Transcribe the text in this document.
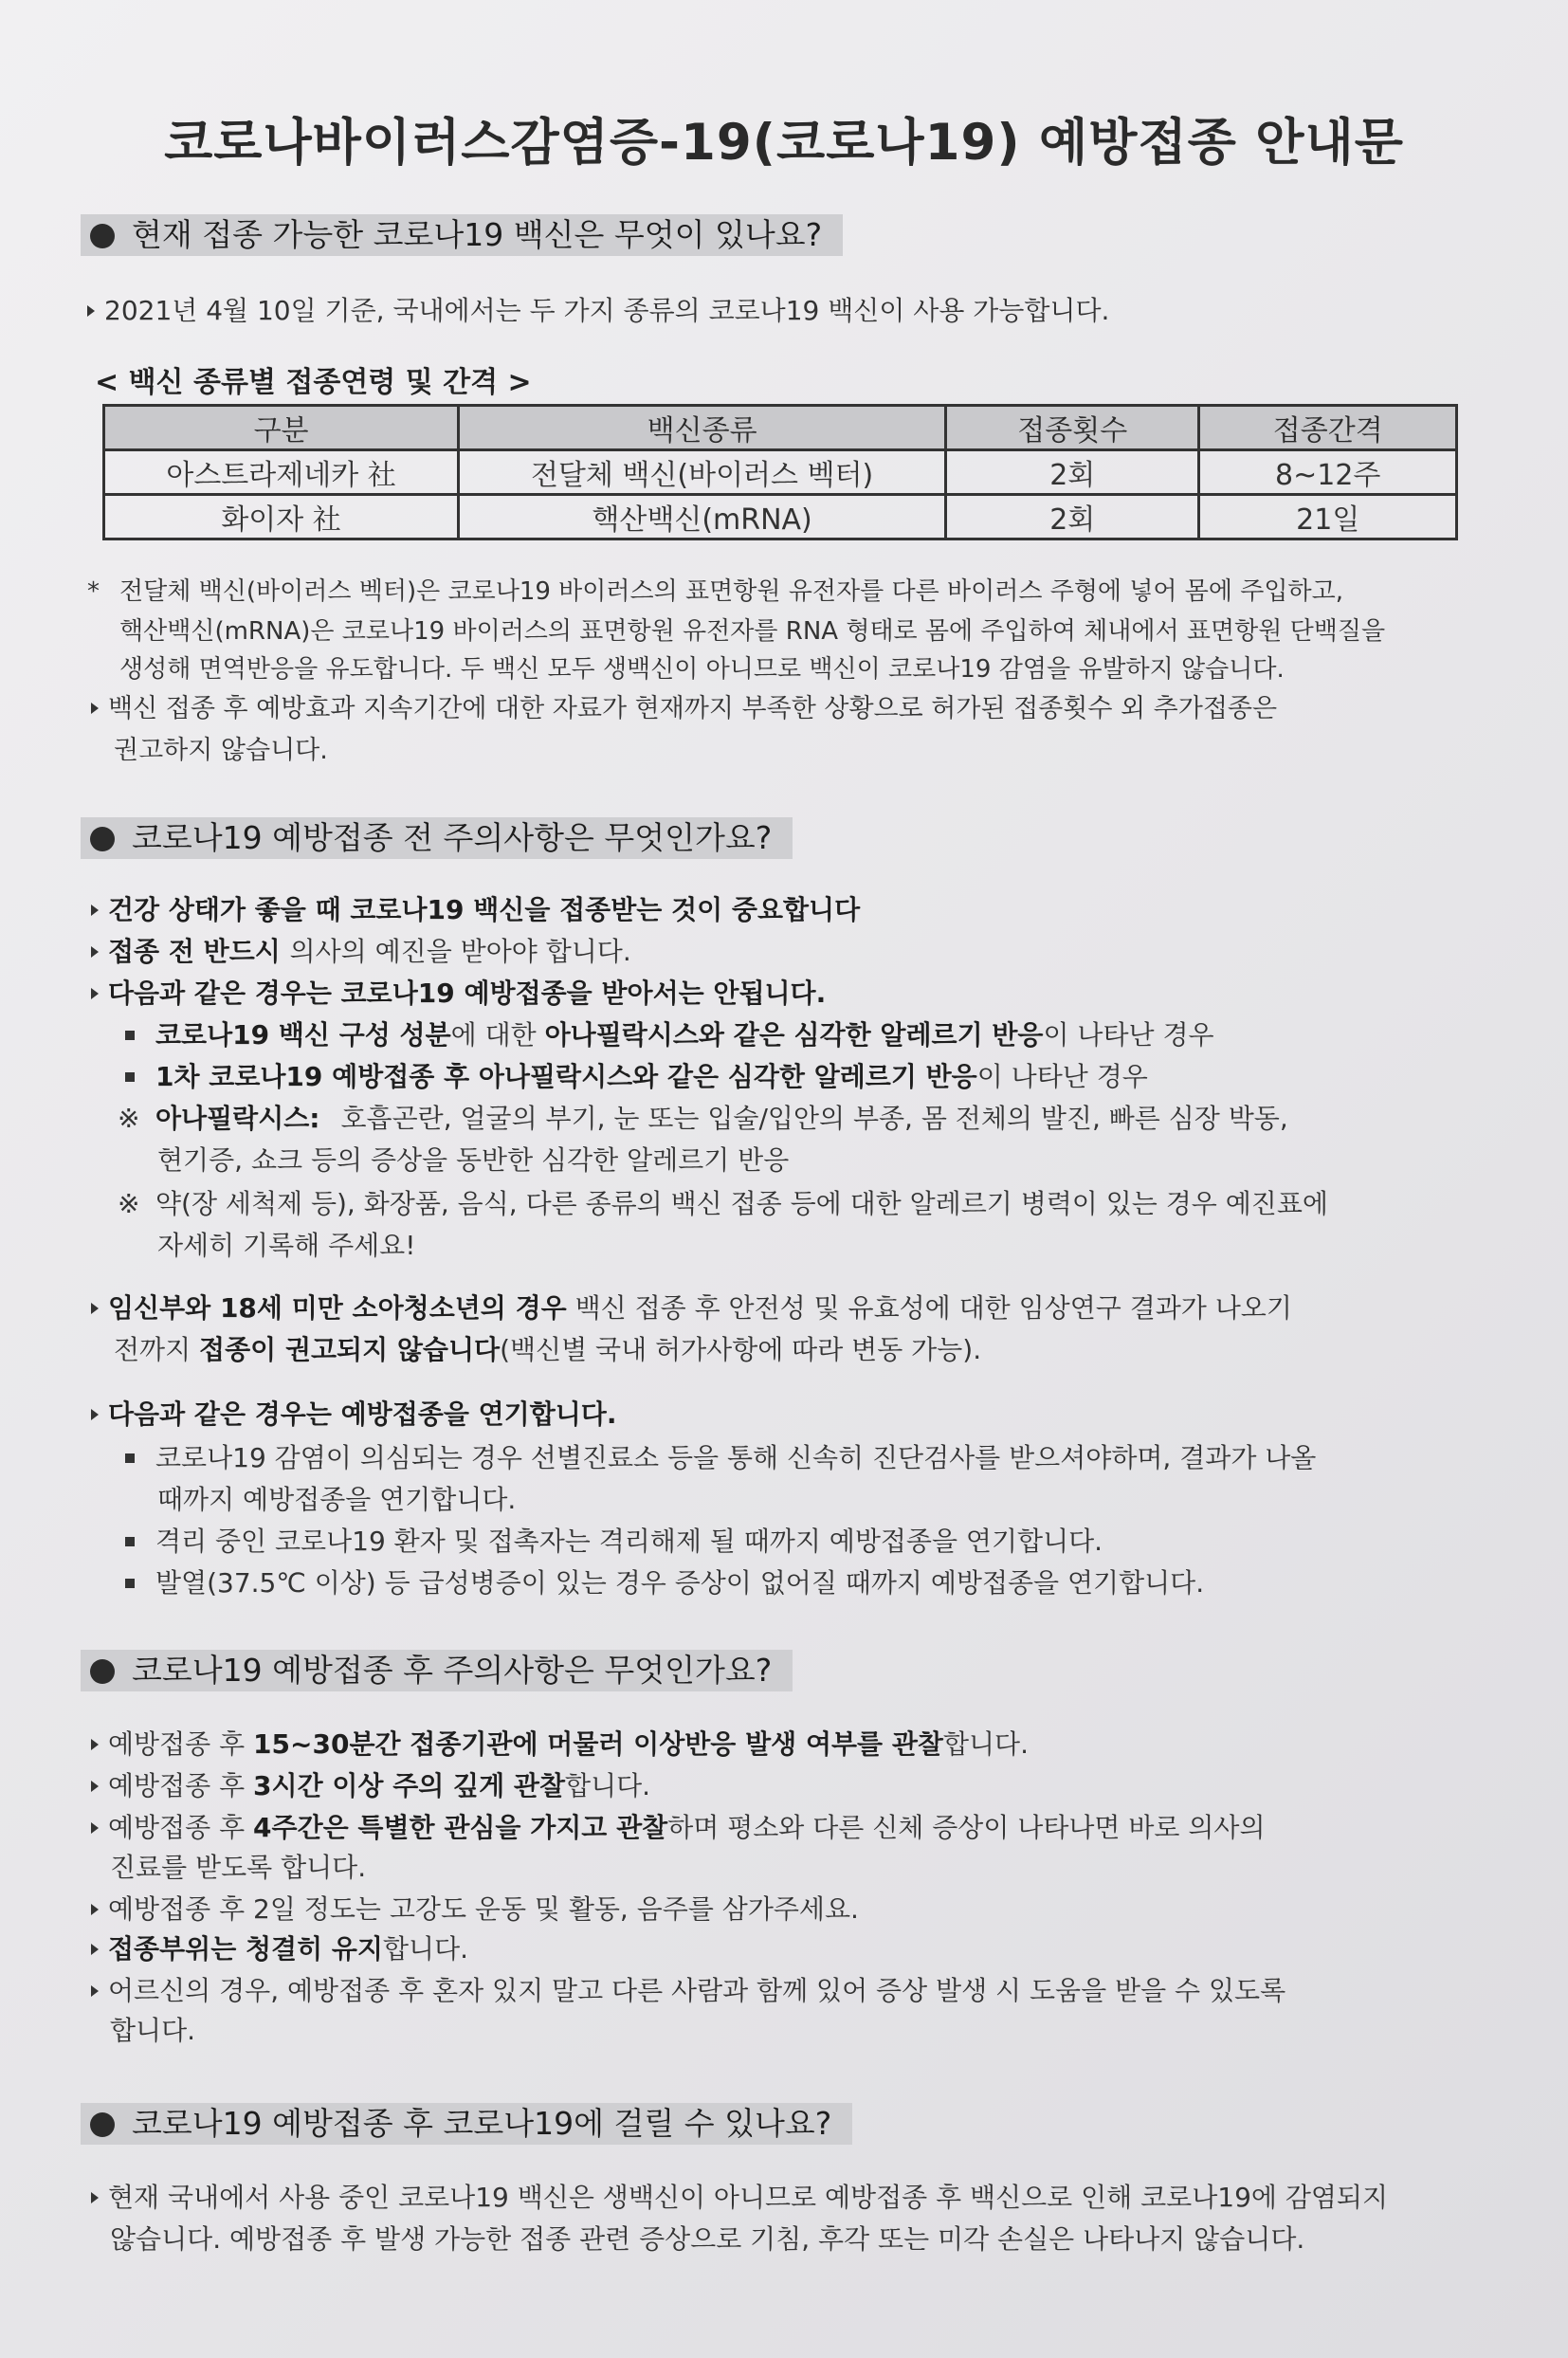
코로나바이러스감염증-19(코로나19) 예방접종 안내문
현재 접종 가능한 코로나19 백신은 무엇이 있나요?
2021년 4월 10일 기준, 국내에서는 두 가지 종류의 코로나19 백신이 사용 가능합니다.
< 백신 종류별 접종연령 및 간격 >
구분	백신종류	접종횟수	접종간격
아스트라제네카 社	전달체 백신(바이러스 벡터)	2회	8~12주
화이자 社	핵산백신(mRNA)	2회	21일
* 전달체 백신(바이러스 벡터)은 코로나19 바이러스의 표면항원 유전자를 다른 바이러스 주형에 넣어 몸에 주입하고,
핵산백신(mRNA)은 코로나19 바이러스의 표면항원 유전자를 RNA 형태로 몸에 주입하여 체내에서 표면항원 단백질을
생성해 면역반응을 유도합니다. 두 백신 모두 생백신이 아니므로 백신이 코로나19 감염을 유발하지 않습니다.
백신 접종 후 예방효과 지속기간에 대한 자료가 현재까지 부족한 상황으로 허가된 접종횟수 외 추가접종은
권고하지 않습니다.
코로나19 예방접종 전 주의사항은 무엇인가요?
건강 상태가 좋을 때 코로나19 백신을 접종받는 것이 중요합니다
접종 전 반드시 의사의 예진을 받아야 합니다.
다음과 같은 경우는 코로나19 예방접종을 받아서는 안됩니다.
코로나19 백신 구성 성분에 대한 아나필락시스와 같은 심각한 알레르기 반응이 나타난 경우
1차 코로나19 예방접종 후 아나필락시스와 같은 심각한 알레르기 반응이 나타난 경우
※ 아나필락시스: 호흡곤란, 얼굴의 부기, 눈 또는 입술/입안의 부종, 몸 전체의 발진, 빠른 심장 박동,
현기증, 쇼크 등의 증상을 동반한 심각한 알레르기 반응
※ 약(장 세척제 등), 화장품, 음식, 다른 종류의 백신 접종 등에 대한 알레르기 병력이 있는 경우 예진표에
자세히 기록해 주세요!
임신부와 18세 미만 소아청소년의 경우 백신 접종 후 안전성 및 유효성에 대한 임상연구 결과가 나오기
전까지 접종이 권고되지 않습니다(백신별 국내 허가사항에 따라 변동 가능).
다음과 같은 경우는 예방접종을 연기합니다.
코로나19 감염이 의심되는 경우 선별진료소 등을 통해 신속히 진단검사를 받으셔야하며, 결과가 나올
때까지 예방접종을 연기합니다.
격리 중인 코로나19 환자 및 접촉자는 격리해제 될 때까지 예방접종을 연기합니다.
발열(37.5℃ 이상) 등 급성병증이 있는 경우 증상이 없어질 때까지 예방접종을 연기합니다.
코로나19 예방접종 후 주의사항은 무엇인가요?
예방접종 후 15~30분간 접종기관에 머물러 이상반응 발생 여부를 관찰합니다.
예방접종 후 3시간 이상 주의 깊게 관찰합니다.
예방접종 후 4주간은 특별한 관심을 가지고 관찰하며 평소와 다른 신체 증상이 나타나면 바로 의사의
진료를 받도록 합니다.
예방접종 후 2일 정도는 고강도 운동 및 활동, 음주를 삼가주세요.
접종부위는 청결히 유지합니다.
어르신의 경우, 예방접종 후 혼자 있지 말고 다른 사람과 함께 있어 증상 발생 시 도움을 받을 수 있도록
합니다.
코로나19 예방접종 후 코로나19에 걸릴 수 있나요?
현재 국내에서 사용 중인 코로나19 백신은 생백신이 아니므로 예방접종 후 백신으로 인해 코로나19에 감염되지
않습니다. 예방접종 후 발생 가능한 접종 관련 증상으로 기침, 후각 또는 미각 손실은 나타나지 않습니다.
